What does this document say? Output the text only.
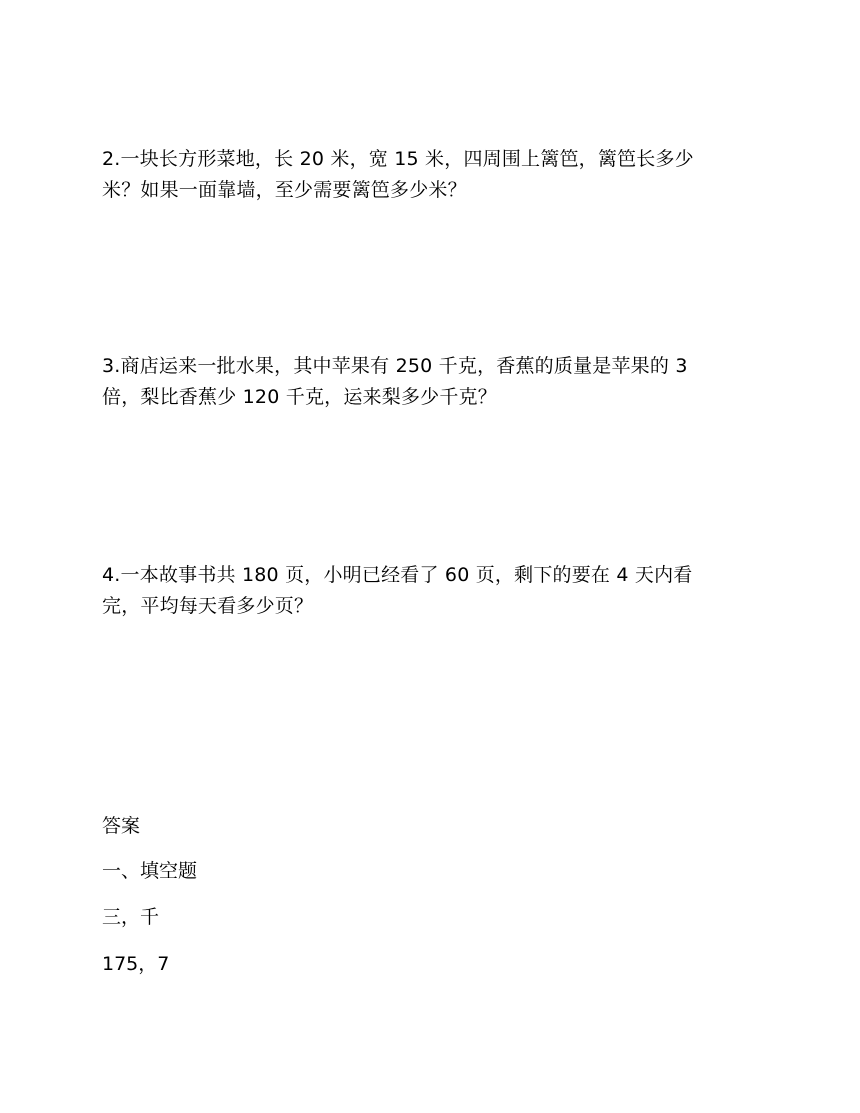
2.一块长方形菜地，长 20 米，宽 15 米，四周围上篱笆，篱笆长多少
米？如果一面靠墙，至少需要篱笆多少米？
3.商店运来一批水果，其中苹果有 250 千克，香蕉的质量是苹果的 3
倍，梨比香蕉少 120 千克，运来梨多少千克？
4.一本故事书共 180 页，小明已经看了 60 页，剩下的要在 4 天内看
完，平均每天看多少页？
答案
一、填空题
三，千
175，7
